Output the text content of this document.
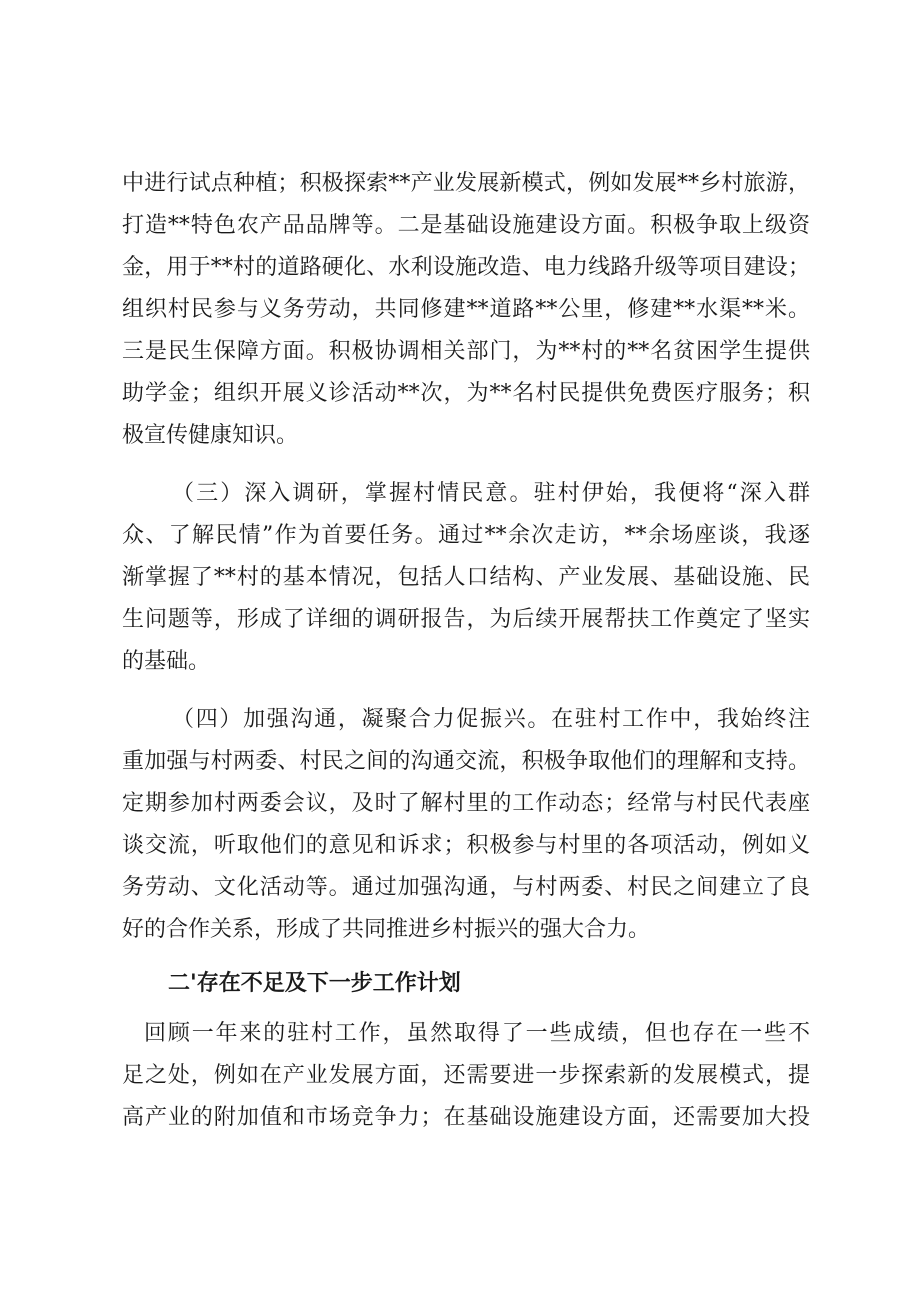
中进行试点种植；积极探索**产业发展新模式，例如发展**乡村旅游，
打造**特色农产品品牌等。二是基础设施建设方面。积极争取上级资
金，用于**村的道路硬化、水利设施改造、电力线路升级等项目建设；
组织村民参与义务劳动，共同修建**道路**公里，修建**水渠**米。
三是民生保障方面。积极协调相关部门，为**村的**名贫困学生提供
助学金；组织开展义诊活动**次，为**名村民提供免费医疗服务；积
极宣传健康知识。
（三）深入调研，掌握村情民意。驻村伊始，我便将“深入群
众、了解民情”作为首要任务。通过**余次走访，**余场座谈，我逐
渐掌握了**村的基本情况，包括人口结构、产业发展、基础设施、民
生问题等，形成了详细的调研报告，为后续开展帮扶工作奠定了坚实
的基础。
（四）加强沟通，凝聚合力促振兴。在驻村工作中，我始终注
重加强与村两委、村民之间的沟通交流，积极争取他们的理解和支持。
定期参加村两委会议，及时了解村里的工作动态；经常与村民代表座
谈交流，听取他们的意见和诉求；积极参与村里的各项活动，例如义
务劳动、文化活动等。通过加强沟通，与村两委、村民之间建立了良
好的合作关系，形成了共同推进乡村振兴的强大合力。
二'存在不足及下一步工作计划
回顾一年来的驻村工作，虽然取得了一些成绩，但也存在一些不
足之处，例如在产业发展方面，还需要进一步探索新的发展模式，提
高产业的附加值和市场竞争力；在基础设施建设方面，还需要加大投
